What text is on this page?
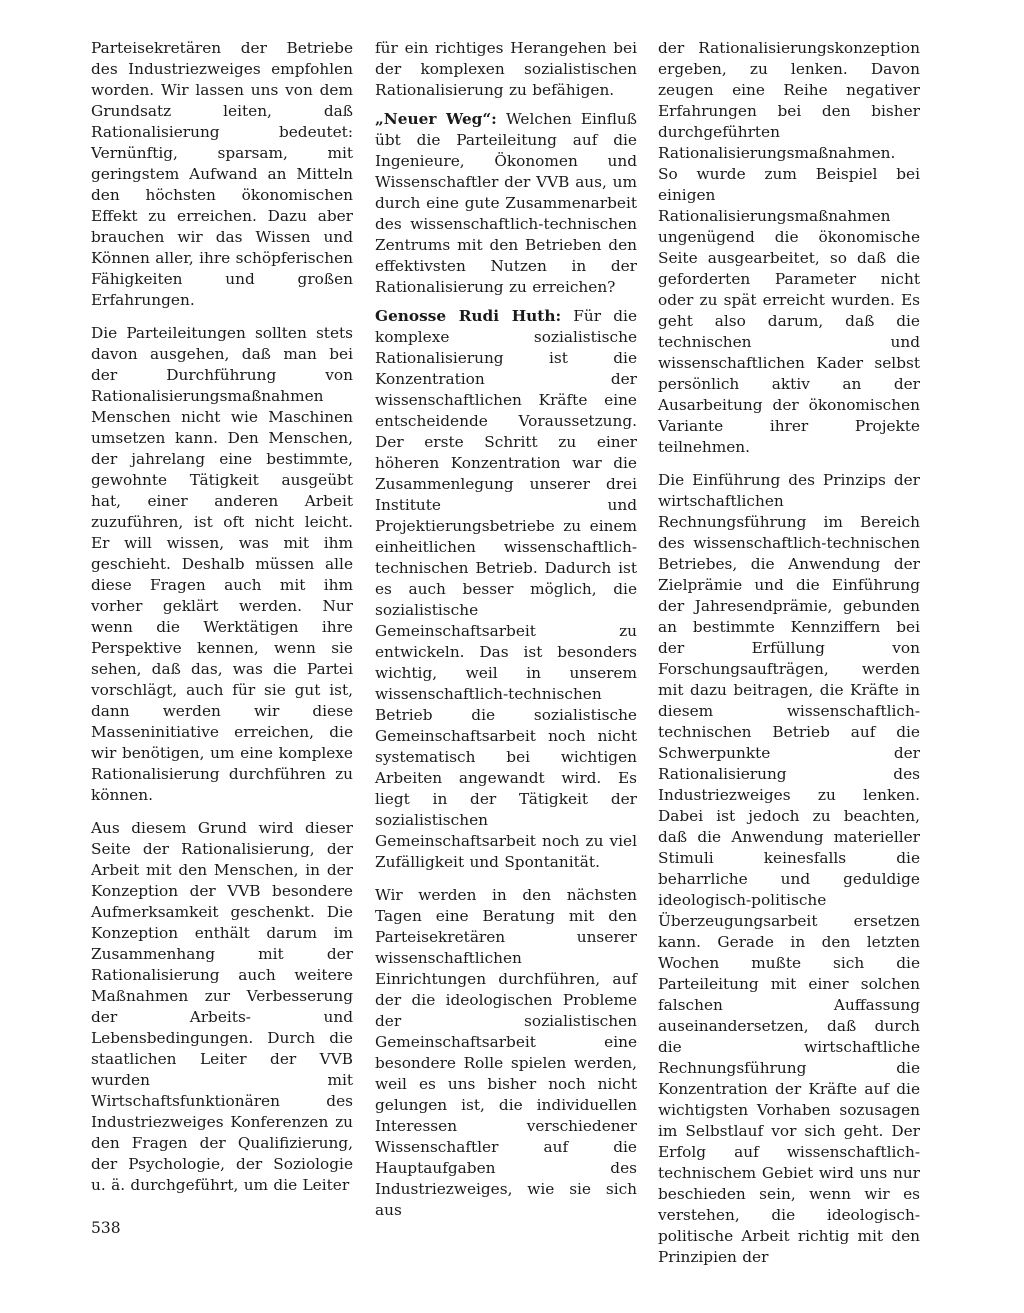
Parteisekretären der Betriebe des Industriezweiges empfohlen worden. Wir lassen uns von dem Grundsatz leiten, daß Rationalisierung bedeutet: Vernünftig, sparsam, mit geringstem Aufwand an Mitteln den höchsten ökonomischen Effekt zu erreichen. Dazu aber brauchen wir das Wissen und Können aller, ihre schöpferischen Fähigkeiten und großen Erfahrungen.

Die Parteileitungen sollten stets davon ausgehen, daß man bei der Durchführung von Rationalisierungsmaßnahmen Menschen nicht wie Maschinen umsetzen kann. Den Menschen, der jahrelang eine bestimmte, gewohnte Tätigkeit ausgeübt hat, einer anderen Arbeit zuzuführen, ist oft nicht leicht. Er will wissen, was mit ihm geschieht. Deshalb müssen alle diese Fragen auch mit ihm vorher geklärt werden. Nur wenn die Werktätigen ihre Perspektive kennen, wenn sie sehen, daß das, was die Partei vorschlägt, auch für sie gut ist, dann werden wir diese Masseninitiative erreichen, die wir benötigen, um eine komplexe Rationalisierung durchführen zu können.

Aus diesem Grund wird dieser Seite der Rationalisierung, der Arbeit mit den Menschen, in der Konzeption der VVB besondere Aufmerksamkeit geschenkt. Die Konzeption enthält darum im Zusammenhang mit der Rationalisierung auch weitere Maßnahmen zur Verbesserung der Arbeits- und Lebensbedingungen. Durch die staatlichen Leiter der VVB wurden mit Wirtschaftsfunktionären des Industriezweiges Konferenzen zu den Fragen der Qualifizierung, der Psychologie, der Soziologie u. ä. durchgeführt, um die Leiter

für ein richtiges Herangehen bei der komplexen sozialistischen Rationalisierung zu befähigen.

„Neuer Weg“: Welchen Einfluß übt die Parteileitung auf die Ingenieure, Ökonomen und Wissenschaftler der VVB aus, um durch eine gute Zusammenarbeit des wissenschaftlich-technischen Zentrums mit den Betrieben den effektivsten Nutzen in der Rationalisierung zu erreichen?

Genosse Rudi Huth: Für die komplexe sozialistische Rationalisierung ist die Konzentration der wissenschaftlichen Kräfte eine entscheidende Voraussetzung. Der erste Schritt zu einer höheren Konzentration war die Zusammenlegung unserer drei Institute und Projektierungsbetriebe zu einem einheitlichen wissenschaftlich-technischen Betrieb. Dadurch ist es auch besser möglich, die sozialistische Gemeinschaftsarbeit zu entwickeln. Das ist besonders wichtig, weil in unserem wissenschaftlich-technischen Betrieb die sozialistische Gemeinschaftsarbeit noch nicht systematisch bei wichtigen Arbeiten angewandt wird. Es liegt in der Tätigkeit der sozialistischen Gemeinschaftsarbeit noch zu viel Zufälligkeit und Spontanität.

Wir werden in den nächsten Tagen eine Beratung mit den Parteisekretären unserer wissenschaftlichen Einrichtungen durchführen, auf der die ideologischen Probleme der sozialistischen Gemeinschaftsarbeit eine besondere Rolle spielen werden, weil es uns bisher noch nicht gelungen ist, die individuellen Interessen verschiedener Wissenschaftler auf die Hauptaufgaben des Industriezweiges, wie sie sich aus

der Rationalisierungskonzeption ergeben, zu lenken. Davon zeugen eine Reihe negativer Erfahrungen bei den bisher durchgeführten Rationalisierungsmaßnahmen. So wurde zum Beispiel bei einigen Rationalisierungsmaßnahmen ungenügend die ökonomische Seite ausgearbeitet, so daß die geforderten Parameter nicht oder zu spät erreicht wurden. Es geht also darum, daß die technischen und wissenschaftlichen Kader selbst persönlich aktiv an der Ausarbeitung der ökonomischen Variante ihrer Projekte teilnehmen.

Die Einführung des Prinzips der wirtschaftlichen Rechnungsführung im Bereich des wissenschaftlich-technischen Betriebes, die Anwendung der Zielprämie und die Einführung der Jahresendprämie, gebunden an bestimmte Kennziffern bei der Erfüllung von Forschungsaufträgen, werden mit dazu beitragen, die Kräfte in diesem wissenschaftlich-technischen Betrieb auf die Schwerpunkte der Rationalisierung des Industriezweiges zu lenken. Dabei ist jedoch zu beachten, daß die Anwendung materieller Stimuli keinesfalls die beharrliche und geduldige ideologisch-politische Überzeugungsarbeit ersetzen kann. Gerade in den letzten Wochen mußte sich die Parteileitung mit einer solchen falschen Auffassung auseinandersetzen, daß durch die wirtschaftliche Rechnungsführung die Konzentration der Kräfte auf die wichtigsten Vorhaben sozusagen im Selbstlauf vor sich geht. Der Erfolg auf wissenschaftlich-technischem Gebiet wird uns nur beschieden sein, wenn wir es verstehen, die ideologisch-politische Arbeit richtig mit den Prinzipien der

538
